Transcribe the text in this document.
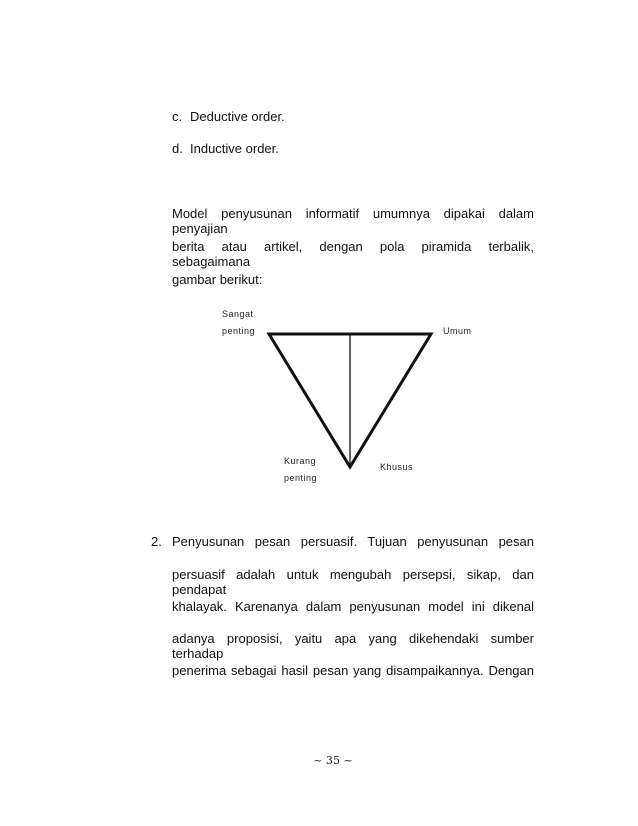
c. Deductive order.
d. Inductive order.
Model penyusunan informatif umumnya dipakai dalam penyajian
berita atau artikel, dengan pola piramida terbalik, sebagaimana
gambar berikut:
Sangat
penting	Umum
Kurang
penting
Khusus
2. Penyusunan pesan persuasif. Tujuan penyusunan pesan
persuasif adalah untuk mengubah persepsi, sikap, dan pendapat
khalayak. Karenanya dalam penyusunan model ini dikenal
adanya proposisi, yaitu apa yang dikehendaki sumber terhadap
penerima sebagai hasil pesan yang disampaikannya. Dengan
~ 35 ~
